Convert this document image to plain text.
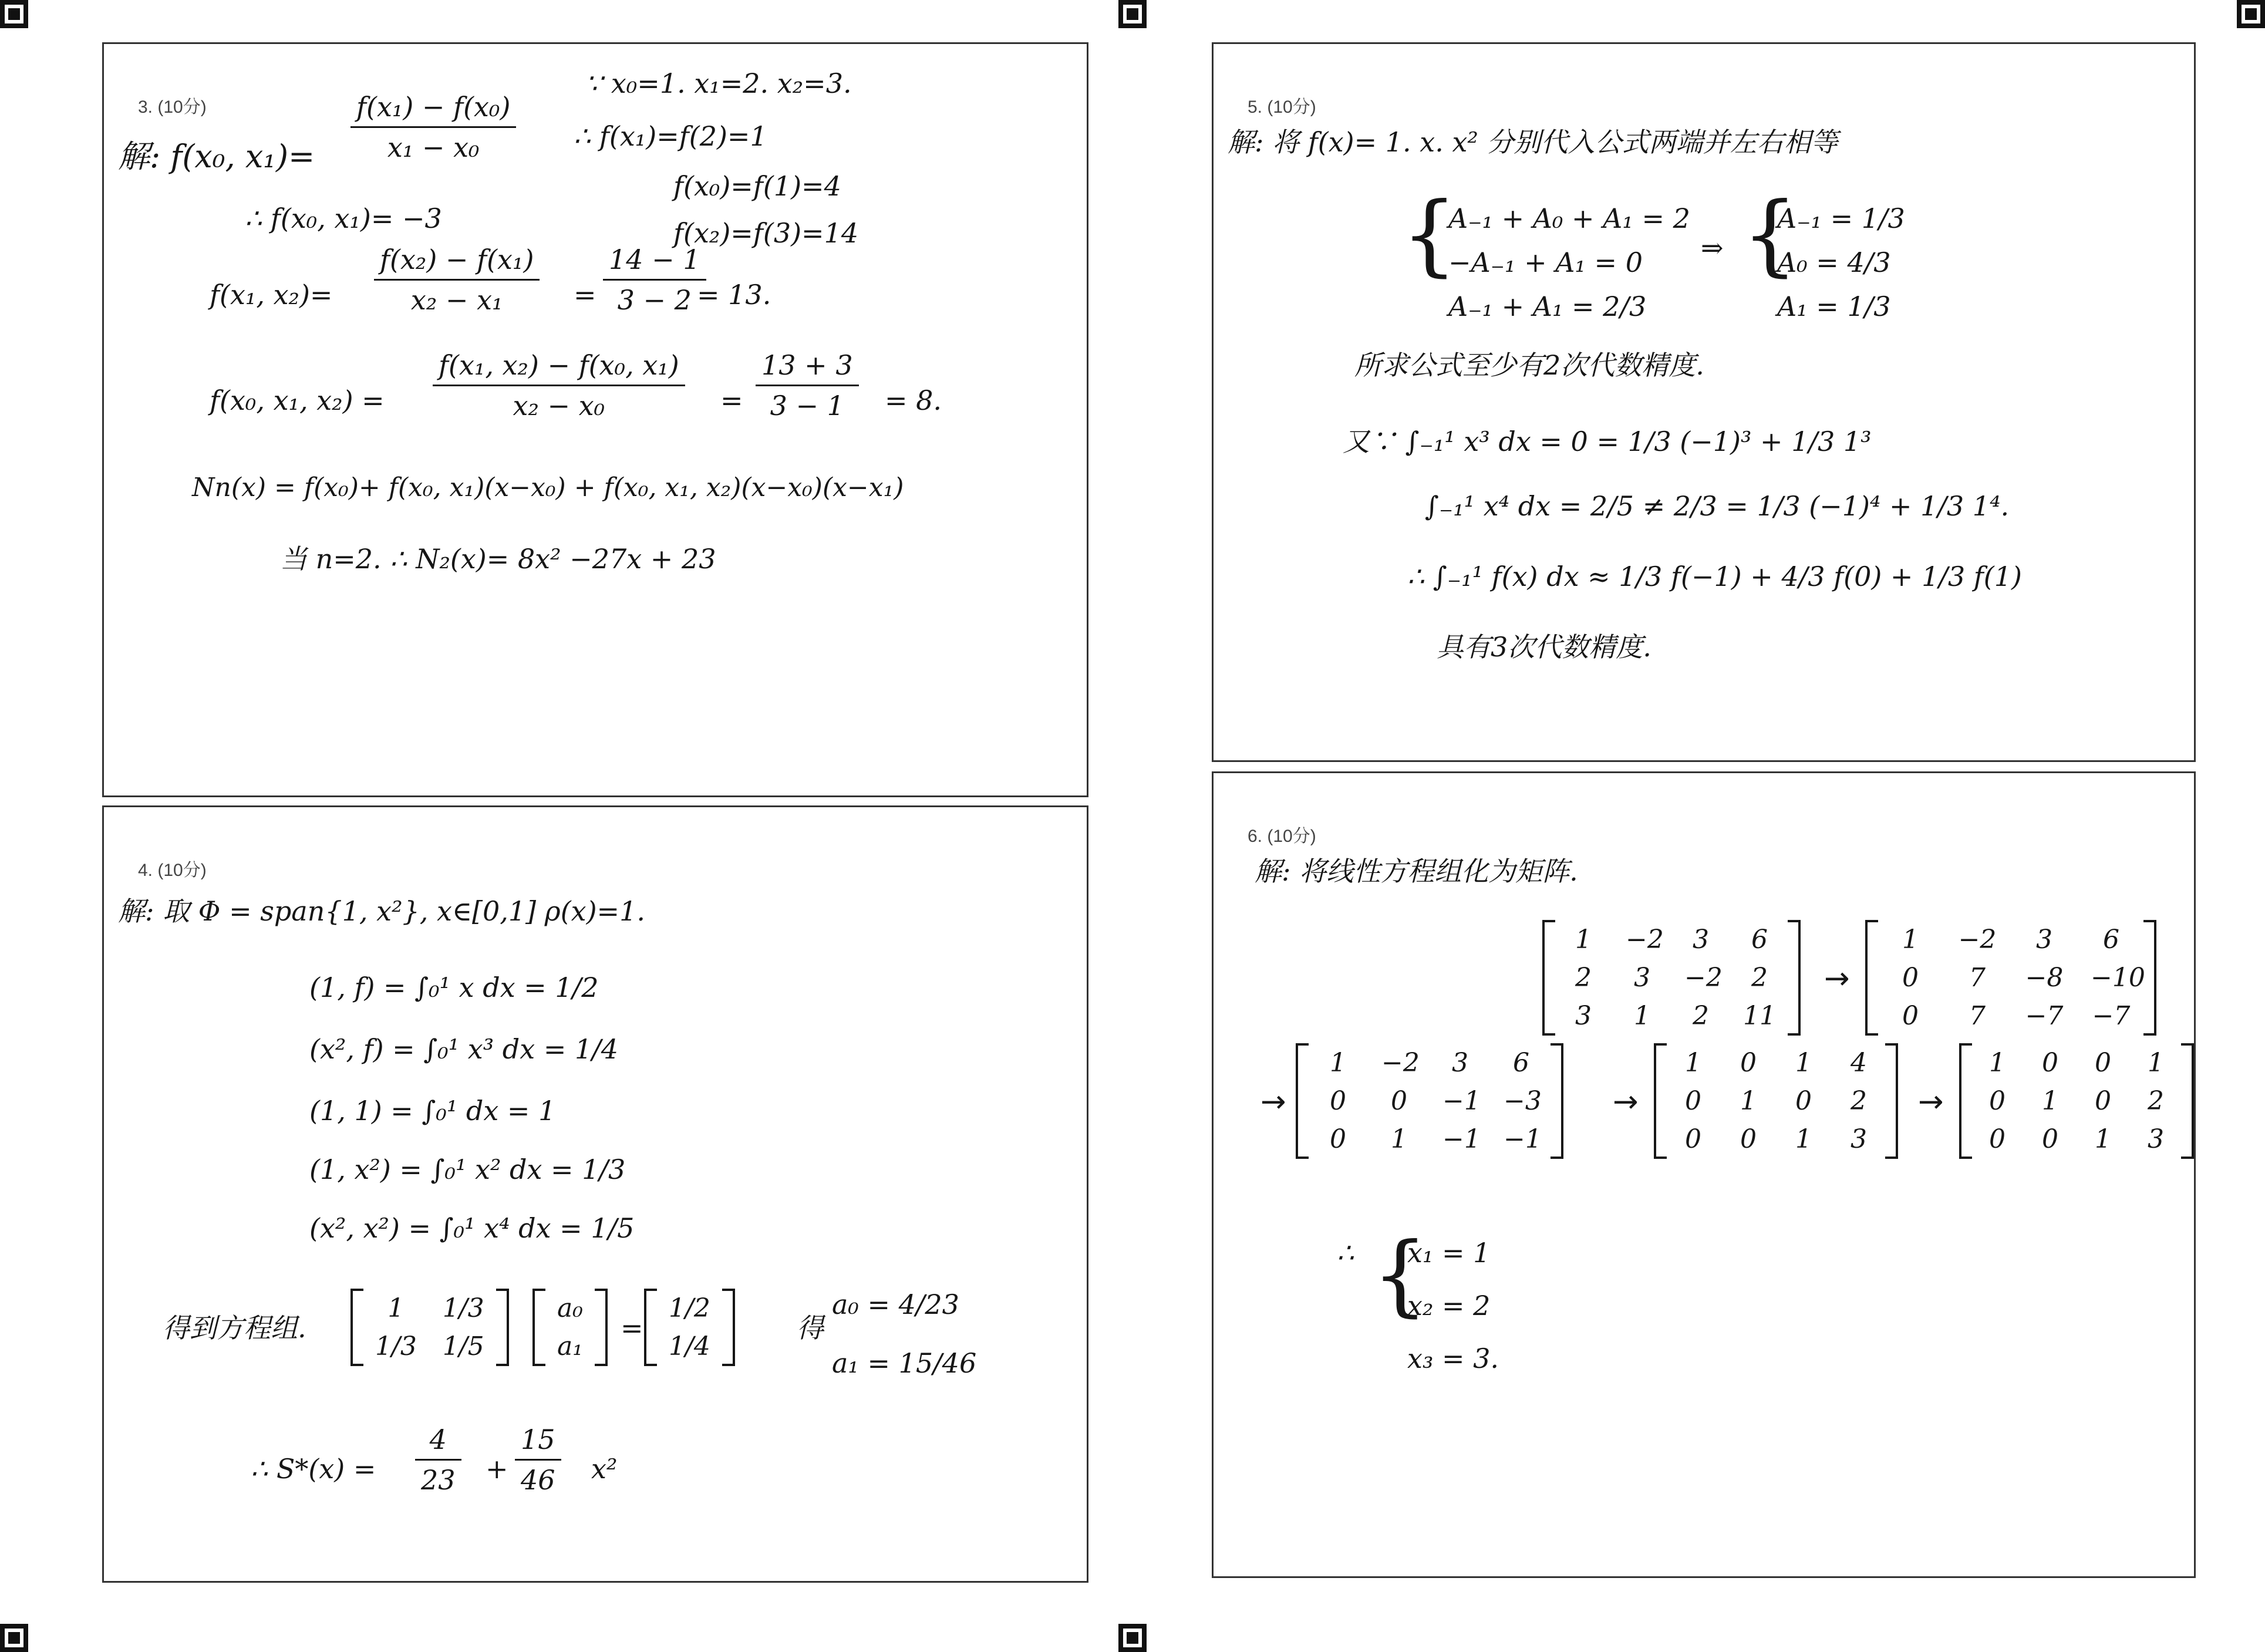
3. (10分)
解: f(x₀, x₁)=
f(x₁) − f(x₀)
x₁ − x₀
∵ x₀=1. x₁=2. x₂=3.
∴ f(x₁)=f(2)=1
f(x₀)=f(1)=4
f(x₂)=f(3)=14
∴ f(x₀, x₁)= −3
f(x₁, x₂)=
f(x₂) − f(x₁)
x₂ − x₁	=
14 − 1
3 − 2 = 13.
f(x₀, x₁, x₂) =
f(x₁, x₂) − f(x₀, x₁)
x₂ − x₀	=
13 + 3
3 − 1 = 8.
Nn(x) = f(x₀)+ f(x₀, x₁)(x−x₀) + f(x₀, x₁, x₂)(x−x₀)(x−x₁)
当 n=2. ∴ N₂(x)= 8x² −27x + 23
4. (10分)
解: 取 Φ = span{1, x²}, x∈[0,1] ρ(x)=1.
(1, f) = ∫₀¹ x dx = 1/2
(x², f) = ∫₀¹ x³ dx = 1/4
(1, 1) = ∫₀¹ dx = 1
(1, x²) = ∫₀¹ x² dx = 1/3
(x², x²) = ∫₀¹ x⁴ dx = 1/5
得到方程组.
1	1/3
1/3 1/5
a₀
a₁
=
1/2
1/4
得
a₀ = 4/23
a₁ = 15/46
∴ S*(x) =
4
23 +
15
46 x²
5. (10分)
解: 将 f(x)= 1. x. x² 分别代入公式两端并左右相等
{
A₋₁ + A₀ + A₁ = 2
−A₋₁ + A₁ = 0
A₋₁ + A₁ = 2/3
⇒ {
A₋₁ = 1/3
A₀ = 4/3
A₁ = 1/3
所求公式至少有2次代数精度.
又∵ ∫₋₁¹ x³ dx = 0 = 1/3 (−1)³ + 1/3 1³
∫₋₁¹ x⁴ dx = 2/5 ≠ 2/3 = 1/3 (−1)⁴ + 1/3 1⁴.
∴ ∫₋₁¹ f(x) dx ≈ 1/3 f(−1) + 4/3 f(0) + 1/3 f(1)
具有3次代数精度.
6. (10分)
解: 将线性方程组化为矩阵.
1	−2	3	6
2	3	−2	2
3	1	2	11
→
1	−2	3	6
0	7	−8 −10
0	7	−7 −7
→
1	−2	3	6
0	0	−1 −3
0	1	−1 −1
→
1 0 1 4
0 1 0 2
0 0 1 3
→
1 0 0 1
0 1 0 2
0 0 1 3
∴ {
x₁ = 1
x₂ = 2
x₃ = 3.
